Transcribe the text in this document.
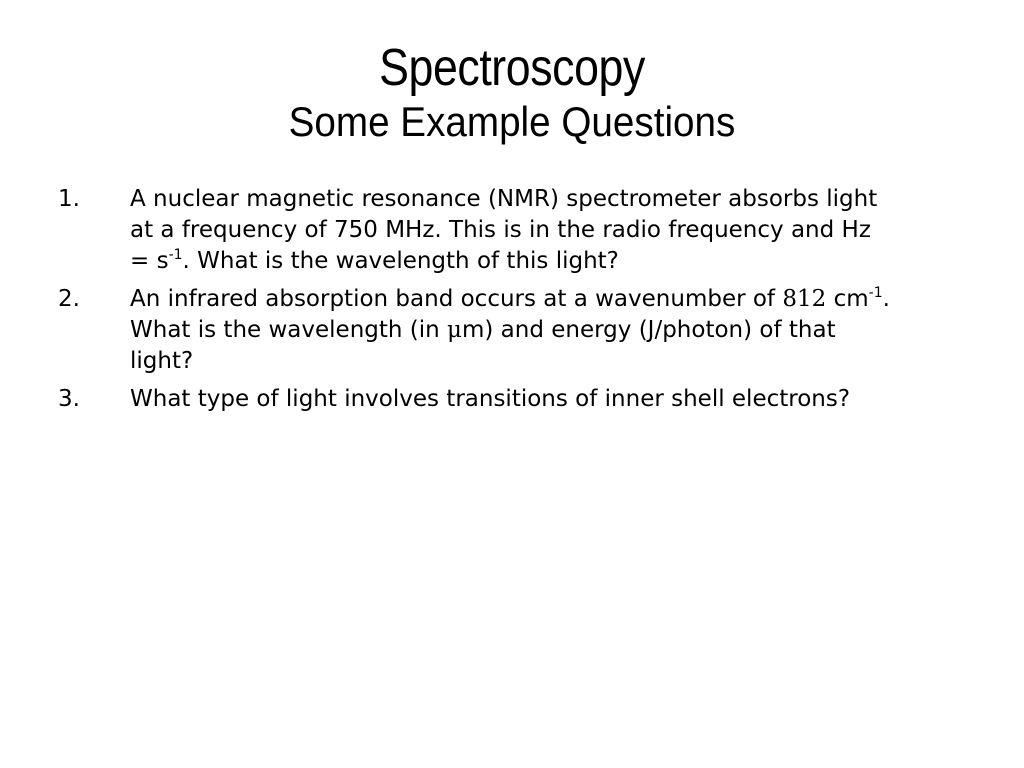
Spectroscopy
Some Example Questions
1.	A nuclear magnetic resonance (NMR) spectrometer absorbs light
at a frequency of 750 MHz. This is in the radio frequency and Hz
= $s^{-1}$. What is the wavelength of this light?
2.	An infrared absorption band occurs at a wavenumber of 812 $cm^{-1}$.
What is the wavelength (in μm) and energy (J/photon) of that
light?
3.	What type of light involves transitions of inner shell electrons?
